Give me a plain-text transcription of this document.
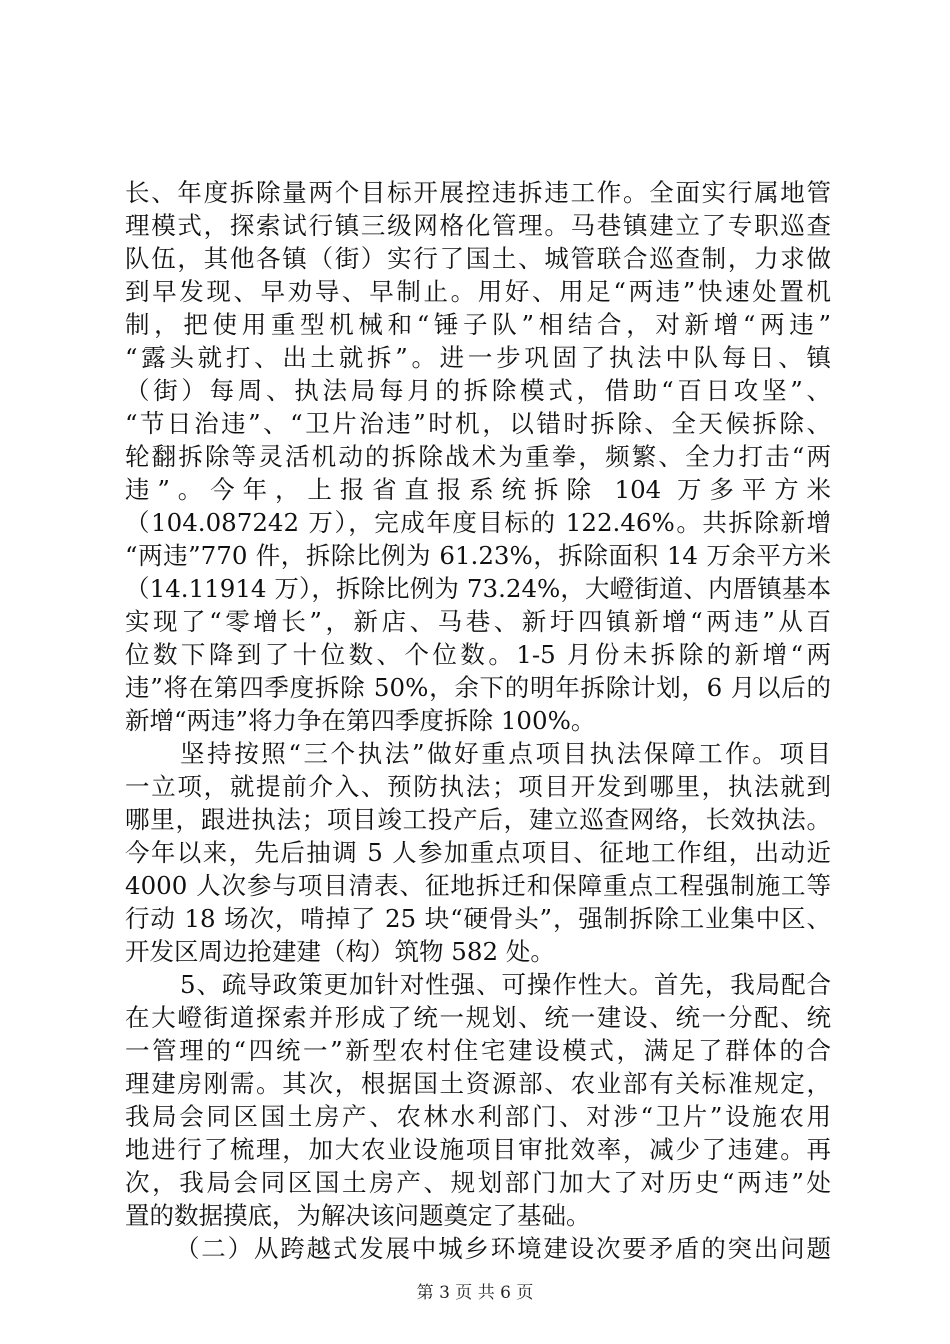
长、年度拆除量两个目标开展控违拆违工作。全面实行属地管
理模式，探索试行镇三级网格化管理。马巷镇建立了专职巡查
队伍，其他各镇（街）实行了国土、城管联合巡查制，力求做
到早发现、早劝导、早制止。用好、用足“两违”快速处置机
制，把使用重型机械和“锤子队”相结合，对新增“两违”
“露头就打、出土就拆”。进一步巩固了执法中队每日、镇
（街）每周、执法局每月的拆除模式，借助“百日攻坚”、
“节日治违”、“卫片治违”时机，以错时拆除、全天候拆除、
轮翻拆除等灵活机动的拆除战术为重拳，频繁、全力打击“两
违”。今年，上报省直报系统拆除 104 万多平方米
（104.087242 万），完成年度目标的 122.46%。共拆除新增
“两违”770 件，拆除比例为 61.23%，拆除面积 14 万余平方米
（14.11914 万），拆除比例为 73.24%，大嶝街道、内厝镇基本
实现了“零增长”，新店、马巷、新圩四镇新增“两违”从百
位数下降到了十位数、个位数。1-5 月份未拆除的新增“两
违”将在第四季度拆除 50%，余下的明年拆除计划，6 月以后的
新增“两违”将力争在第四季度拆除 100%。
坚持按照“三个执法”做好重点项目执法保障工作。项目
一立项，就提前介入、预防执法；项目开发到哪里，执法就到
哪里，跟进执法；项目竣工投产后，建立巡查网络，长效执法。
今年以来，先后抽调 5 人参加重点项目、征地工作组，出动近
4000 人次参与项目清表、征地拆迁和保障重点工程强制施工等
行动 18 场次，啃掉了 25 块“硬骨头”，强制拆除工业集中区、
开发区周边抢建建（构）筑物 582 处。
5、疏导政策更加针对性强、可操作性大。首先，我局配合
在大嶝街道探索并形成了统一规划、统一建设、统一分配、统
一管理的“四统一”新型农村住宅建设模式，满足了群体的合
理建房刚需。其次，根据国土资源部、农业部有关标准规定，
我局会同区国土房产、农林水利部门、对涉“卫片”设施农用
地进行了梳理，加大农业设施项目审批效率，减少了违建。再
次，我局会同区国土房产、规划部门加大了对历史“两违”处
置的数据摸底，为解决该问题奠定了基础。
（二）从跨越式发展中城乡环境建设次要矛盾的突出问题
第 3 页 共 6 页
